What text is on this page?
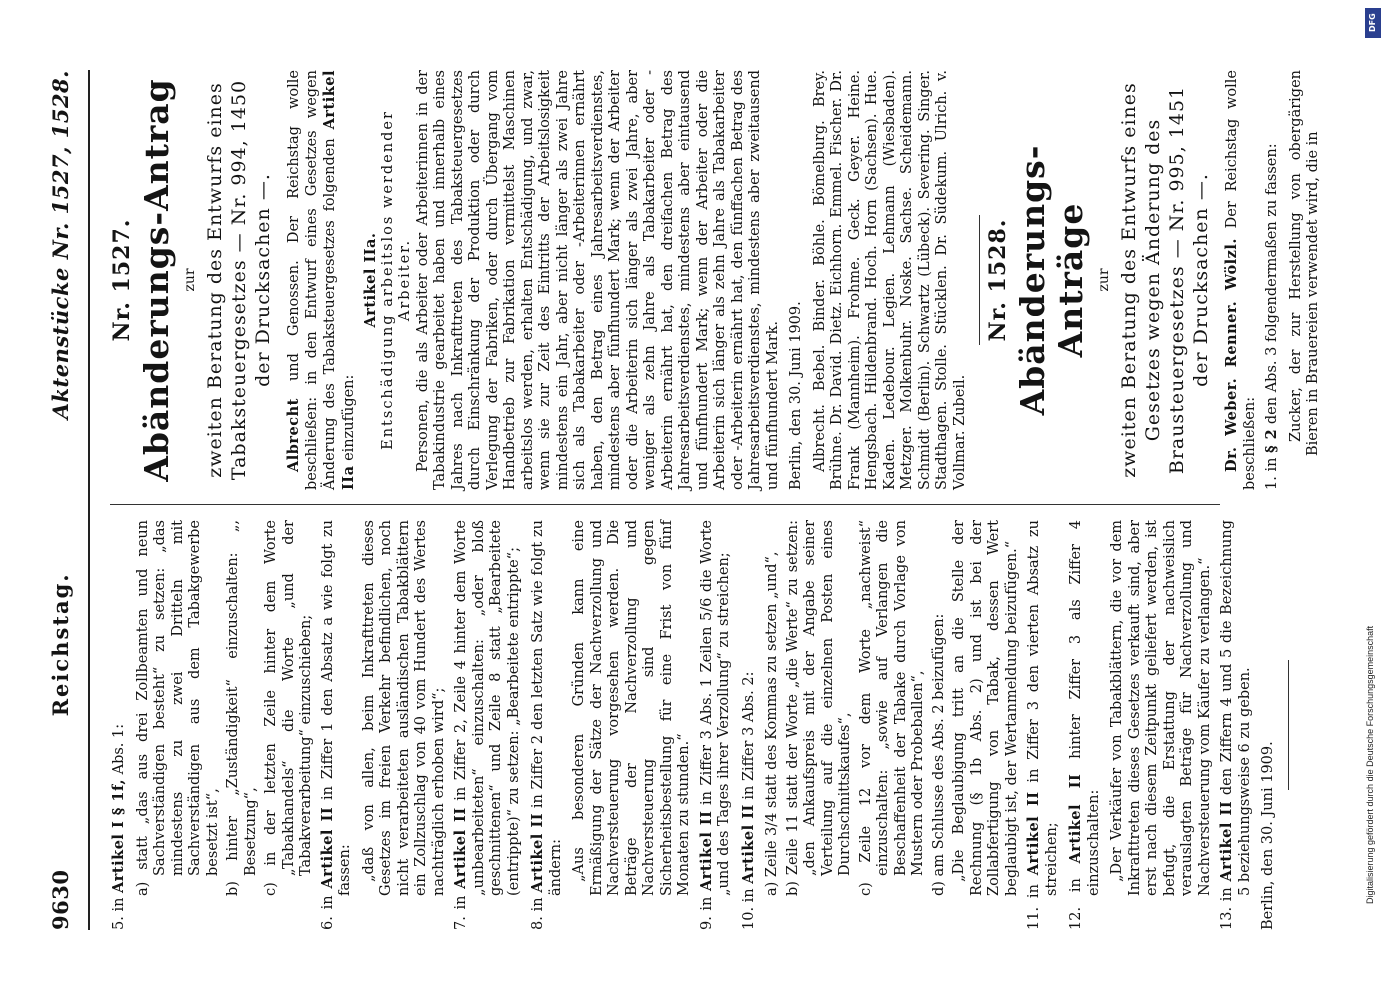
9630
Reichstag.
Aktenstücke Nr. 1527, 1528.
5. in Artikel I § 1f, Abs. 1:
a) statt „das aus drei Zollbeamten und neun Sachverständigen besteht“ zu setzen: „das mindestens zu zwei Dritteln mit Sachverständigen aus dem Tabakgewerbe besetzt ist“,
b) hinter „Zuständigkeit“ einzuschalten: „, Besetzung“,
c) in der letzten Zeile hinter dem Worte „Tabakhandels“ die Worte „und der Tabakverarbeitung“ einzuschieben;
6. in Artikel II in Ziffer 1 den Absatz a wie folgt zu fassen: „daß von allen, beim Inkrafttreten dieses Gesetzes im freien Verkehr befindlichen, noch nicht verarbeiteten ausländischen Tabakblättern ein Zollzuschlag von 40 vom Hundert des Wertes nachträglich erhoben wird“;
7. in Artikel II in Ziffer 2, Zeile 4 hinter dem Worte „unbearbeiteten“ einzuschalten: „oder bloß geschnittenen“ und Zeile 8 statt „Bearbeitete (entrippte)“ zu setzen: „Bearbeitete entrippte“;
8. in Artikel II in Ziffer 2 den letzten Satz wie folgt zu ändern: „Aus besonderen Gründen kann eine Ermäßigung der Sätze der Nachverzollung und Nachversteuerung vorgesehen werden. Die Beträge der Nachverzollung und Nachversteuerung sind gegen Sicherheitsbestellung für eine Frist von fünf Monaten zu stunden.“
9. in Artikel II in Ziffer 3 Abs. 1 Zeilen 5/6 die Worte „und des Tages ihrer Verzollung“ zu streichen;
10. in Artikel II in Ziffer 3 Abs. 2:
a) Zeile 3/4 statt des Kommas zu setzen „und“,
b) Zeile 11 statt der Worte „die Werte“ zu setzen: „den Ankaufspreis mit der Angabe seiner Verteilung auf die einzelnen Posten eines Durchschnittskaufes“,
c) Zeile 12 vor dem Worte „nachweist“ einzuschalten: „sowie auf Verlangen die Beschaffenheit der Tabake durch Vorlage von Mustern oder Probeballen“,
d) am Schlusse des Abs. 2 beizufügen: „Die Beglaubigung tritt an die Stelle der Rechnung (§ 1b Abs. 2) und ist bei der Zollabfertigung von Tabak, dessen Wert beglaubigt ist, der Wertanmeldung beizufügen.“
11. in Artikel II in Ziffer 3 den vierten Absatz zu streichen;
12. in Artikel II hinter Ziffer 3 als Ziffer 4 einzuschalten: „Der Verkäufer von Tabakblättern, die vor dem Inkrafttreten dieses Gesetzes verkauft sind, aber erst nach diesem Zeitpunkt geliefert werden, ist befugt, die Erstattung der nachweislich verauslagten Beträge für Nachverzollung und Nachversteuerung vom Käufer zu verlangen.“
13. in Artikel II den Ziffern 4 und 5 die Bezeichnung 5 beziehungsweise 6 zu geben. Berlin, den 30. Juni 1909.
Nr. 1527. Abänderungs-Antrag zur zweiten Beratung des Entwurfs eines Tabaksteuergesetzes — Nr. 994, 1450 der Drucksachen —.
Albrecht und Genossen. Der Reichstag wolle beschließen: in den Entwurf eines Gesetzes wegen Änderung des Tabaksteuergesetzes folgenden Artikel IIa einzufügen:
Artikel IIa. Entschädigung arbeitslos werdender Arbeiter. Personen, die als Arbeiter oder Arbeiterinnen in der Tabakindustrie gearbeitet haben und innerhalb eines Jahres nach Inkrafttreten des Tabaksteuergesetzes durch Einschränkung der Produktion oder durch Verlegung der Fabriken, oder durch Übergang vom Handbetrieb zur Fabrikation vermittelst Maschinen arbeitslos werden, erhalten Entschädigung, und zwar, wenn sie zur Zeit des Eintritts der Arbeitslosigkeit mindestens ein Jahr, aber nicht länger als zwei Jahre sich als Tabakarbeiter oder -Arbeiterinnen ernährt haben, den Betrag eines Jahresarbeitsverdienstes, mindestens aber fünfhundert Mark; wenn der Arbeiter oder die Arbeiterin sich länger als zwei Jahre, aber weniger als zehn Jahre als Tabakarbeiter oder -Arbeiterin ernährt hat, den dreifachen Betrag des Jahresarbeitsverdienstes, mindestens aber eintausend und fünfhundert Mark; wenn der Arbeiter oder die Arbeiterin sich länger als zehn Jahre als Tabakarbeiter oder -Arbeiterin ernährt hat, den fünffachen Betrag des Jahresarbeitsverdienstes, mindestens aber zweitausend und fünfhundert Mark. Berlin, den 30. Juni 1909. Albrecht. Bebel. Binder. Böhle. Bömelburg. Brey. Brühne. Dr. David. Dietz. Eichhorn. Emmel. Fischer. Dr. Frank (Mannheim). Frohme. Geck. Geyer. Heine. Hengsbach. Hildenbrand. Hoch. Horn (Sachsen). Hue. Kaden. Ledebour. Legien. Lehmann (Wiesbaden). Metzger. Molkenbuhr. Noske. Sachse. Scheidemann. Schmidt (Berlin). Schwartz (Lübeck). Severing. Singer. Stadthagen. Stolle. Stücklen. Dr. Südekum. Ulrich. v. Vollmar. Zubeil.
Nr. 1528. Abänderungs-Anträge zur zweiten Beratung des Entwurfs eines Gesetzes wegen Änderung des Brausteuergesetzes — Nr. 995, 1451 der Drucksachen —. Dr. Weber. Renner. Wölzl. Der Reichstag wolle beschließen: 1. in § 2 den Abs. 3 folgendermaßen zu fassen: Zucker, der zur Herstellung von obergärigen Bieren in Brauereien verwendet wird, die in
DFG
Digitalisierung gefördert durch die Deutsche Forschungsgemeinschaft
